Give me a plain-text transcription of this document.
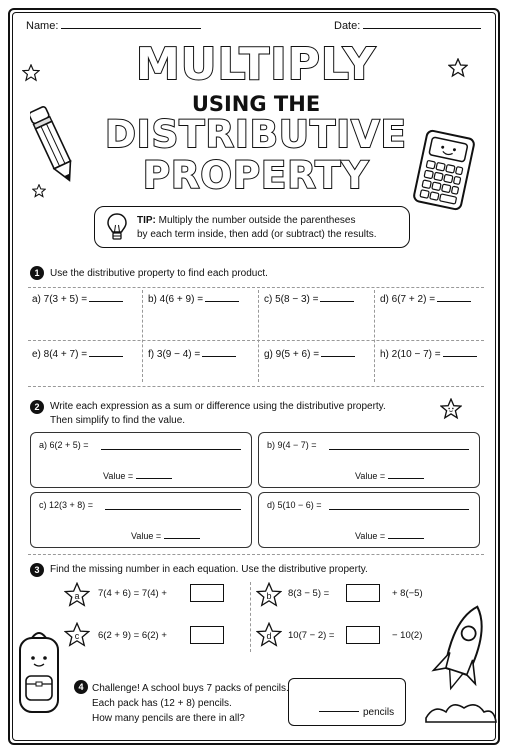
Name:	Date:
MULTIPLY
USING THE
DISTRIBUTIVE
PROPERTY
TIP: Multiply the number outside the parentheses
by each term inside, then add (or subtract) the results.
1	Use the distributive property to find each product.
a) 7(3 + 5) =	b) 4(6 + 9) =	c) 5(8 − 3) =	d) 6(7 + 2) =
e) 8(4 + 7) =	f) 3(9 − 4) =	g) 9(5 + 6) =	h) 2(10 − 7) =
2	Write each expression as a sum or difference using the distributive property.
Then simplify to find the value.
a) 6(2 + 5) =
Value =
b) 9(4 − 7) =
Value =
c) 12(3 + 8) =
Value =
d) 5(10 − 6) =
Value =
3	Find the missing number in each equation. Use the distributive property.
a	7(4 + 6) = 7(4) +
c	6(2 + 9) = 6(2) +
b	8(3 − 5) =	+ 8(−5)
d	10(7 − 2) =	− 10(2)
4 Challenge! A school buys 7 packs of pencils.
Each pack has (12 + 8) pencils.
How many pencils are there in all?
pencils
